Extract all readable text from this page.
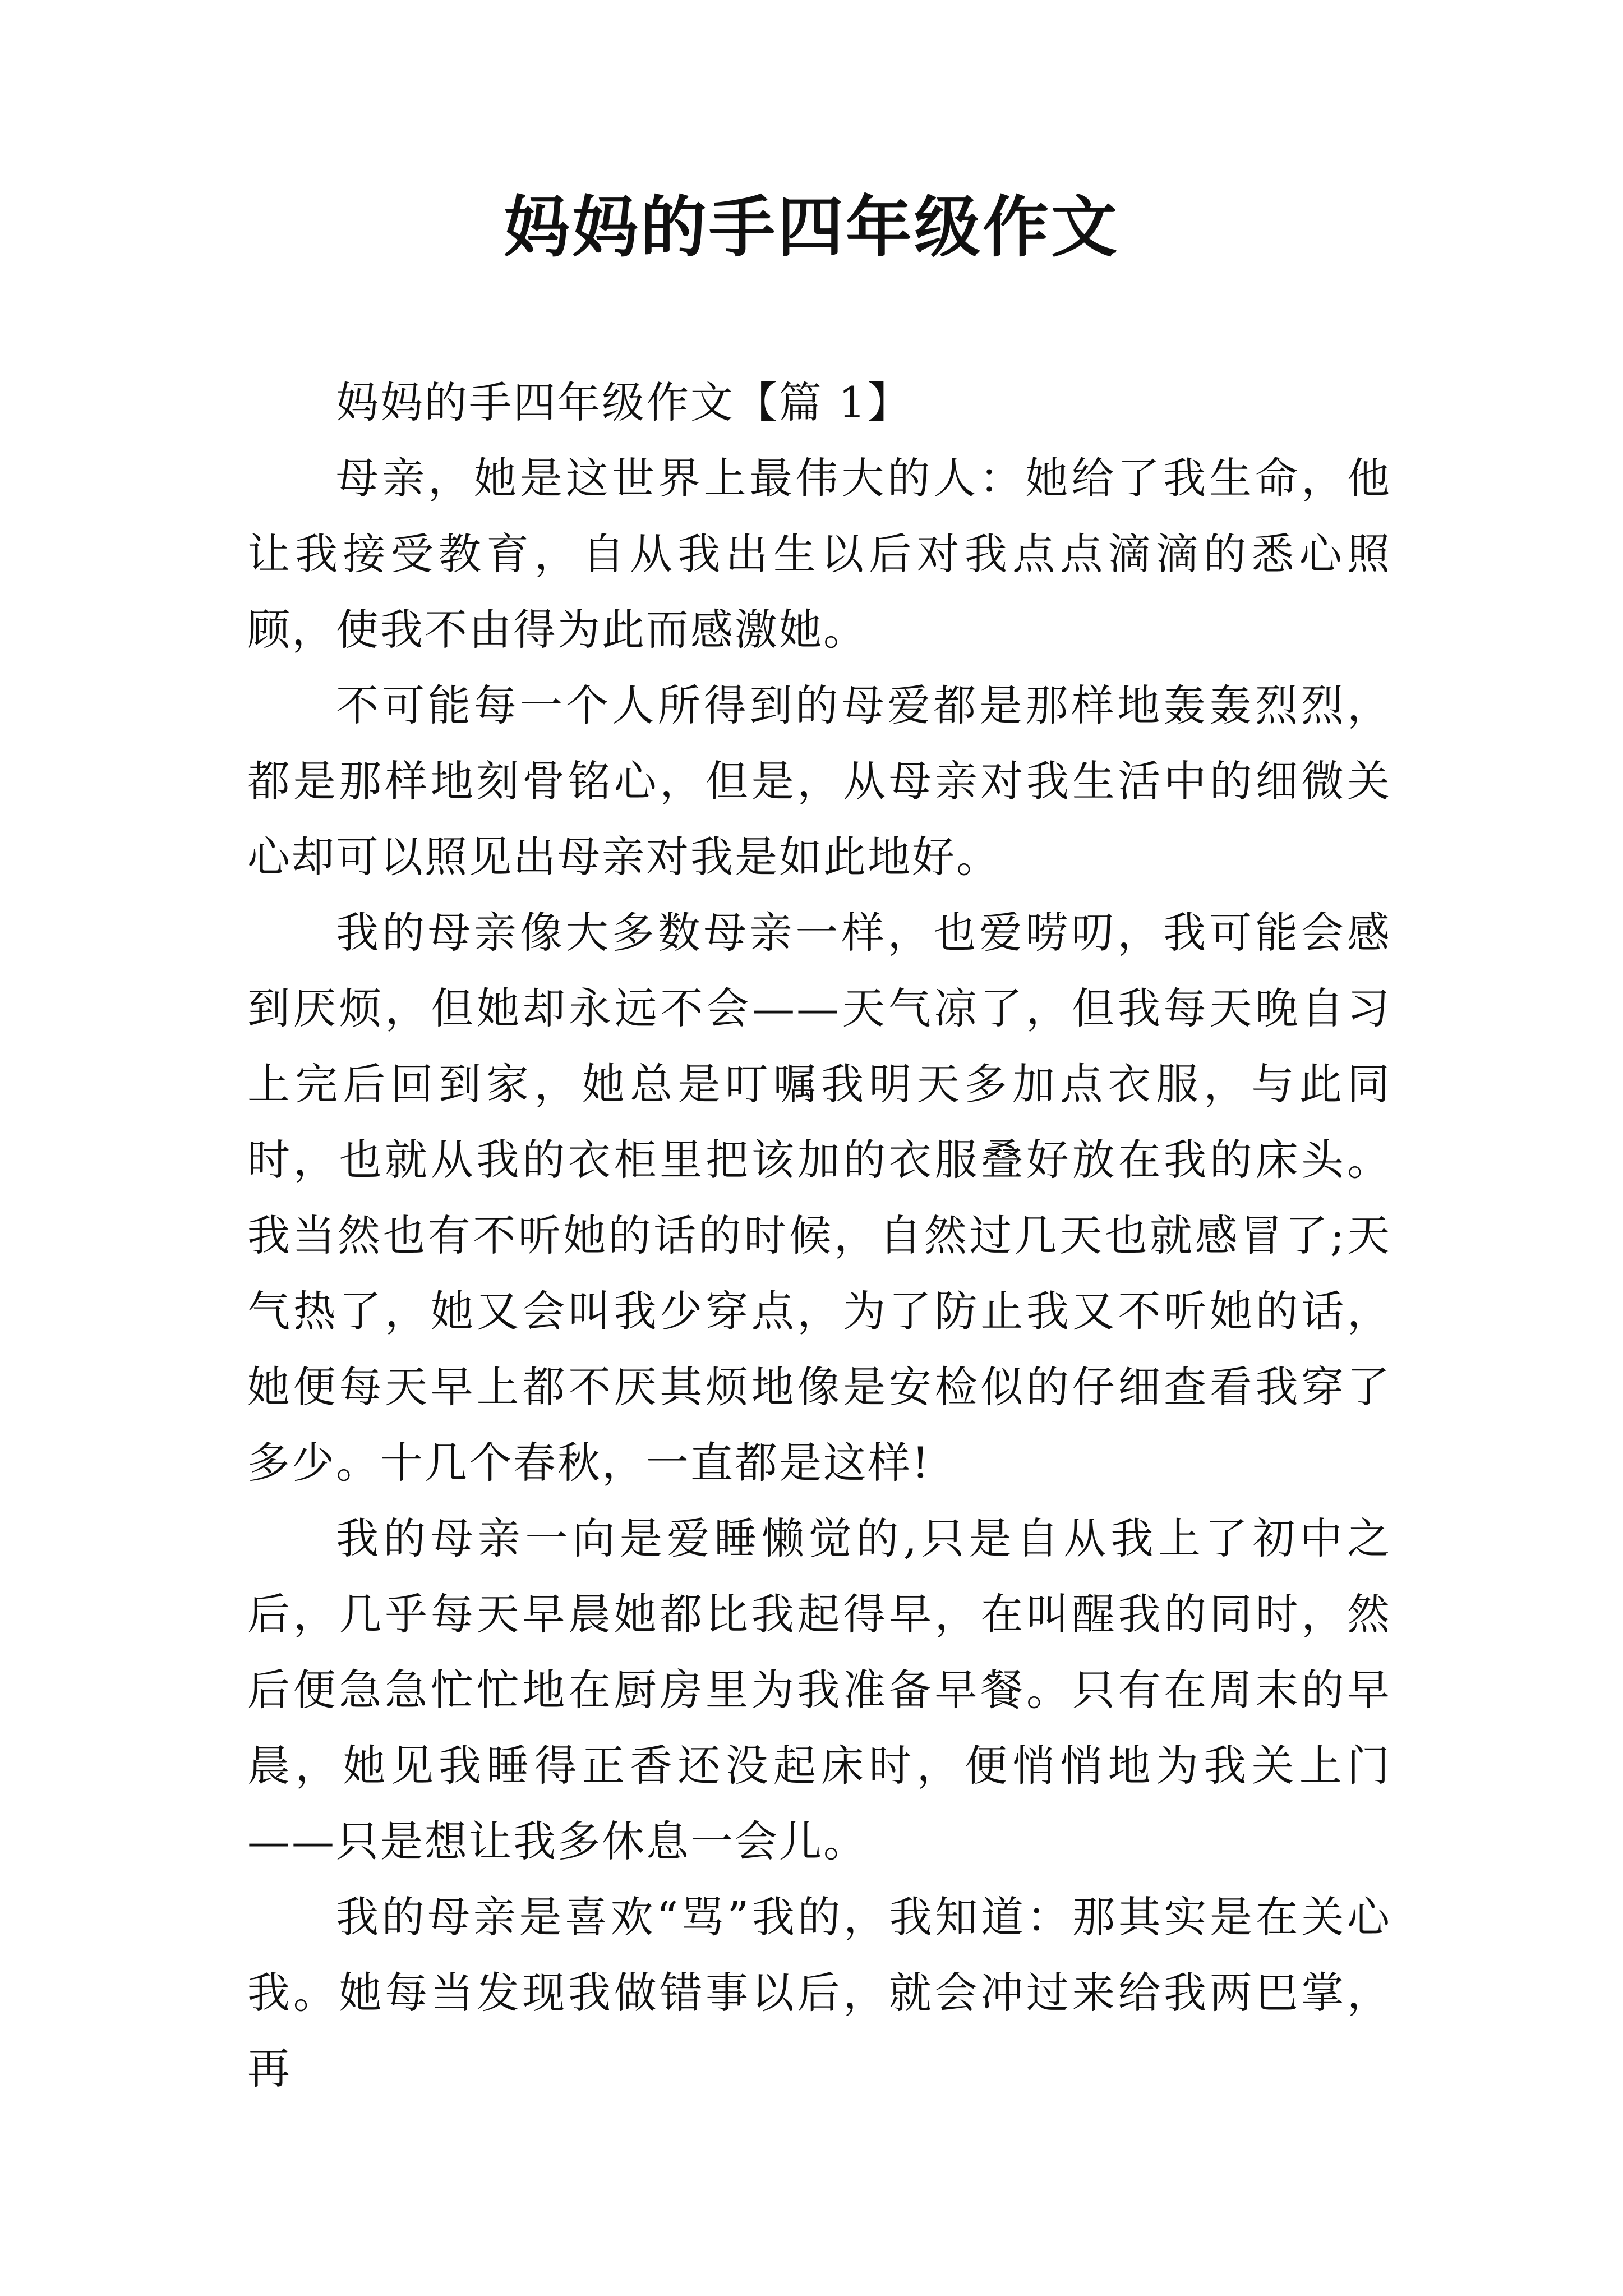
妈妈的手四年级作文

妈妈的手四年级作文【篇 1】

母亲，她是这世界上最伟大的人：她给了我生命，他让我接受教育，自从我出生以后对我点点滴滴的悉心照顾，使我不由得为此而感激她。

不可能每一个人所得到的母爱都是那样地轰轰烈烈，都是那样地刻骨铭心，但是，从母亲对我生活中的细微关心却可以照见出母亲对我是如此地好。

我的母亲像大多数母亲一样，也爱唠叨，我可能会感到厌烦，但她却永远不会——天气凉了，但我每天晚自习上完后回到家，她总是叮嘱我明天多加点衣服，与此同时，也就从我的衣柜里把该加的衣服叠好放在我的床头。我当然也有不听她的话的时候，自然过几天也就感冒了;天气热了，她又会叫我少穿点，为了防止我又不听她的话，她便每天早上都不厌其烦地像是安检似的仔细查看我穿了多少。十几个春秋，一直都是这样!

我的母亲一向是爱睡懒觉的,只是自从我上了初中之后，几乎每天早晨她都比我起得早，在叫醒我的同时，然后便急急忙忙地在厨房里为我准备早餐。只有在周末的早晨，她见我睡得正香还没起床时，便悄悄地为我关上门——只是想让我多休息一会儿。

我的母亲是喜欢“骂”我的，我知道：那其实是在关心我。她每当发现我做错事以后，就会冲过来给我两巴掌，再
